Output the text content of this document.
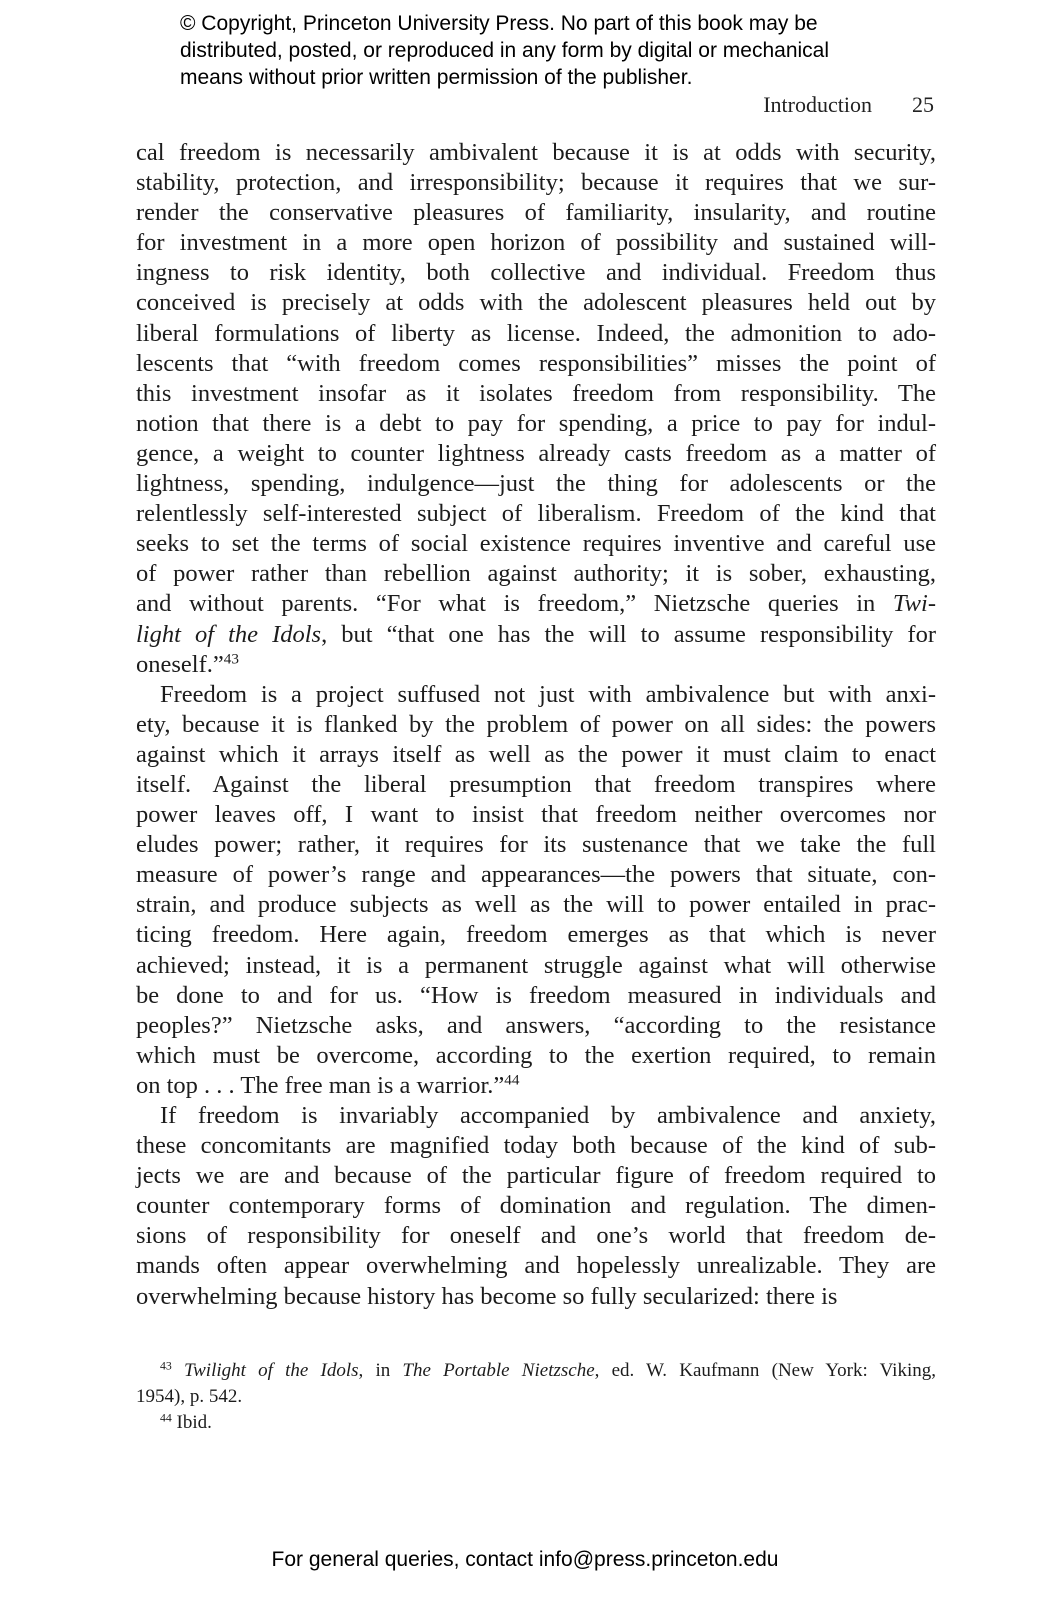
© Copyright, Princeton University Press. No part of this book may be
distributed, posted, or reproduced in any form by digital or mechanical
means without prior written permission of the publisher.
Introduction 25
cal freedom is necessarily ambivalent because it is at odds with security,
stability, protection, and irresponsibility; because it requires that we sur-
render the conservative pleasures of familiarity, insularity, and routine
for investment in a more open horizon of possibility and sustained will-
ingness to risk identity, both collective and individual. Freedom thus
conceived is precisely at odds with the adolescent pleasures held out by
liberal formulations of liberty as license. Indeed, the admonition to ado-
lescents that “with freedom comes responsibilities” misses the point of
this investment insofar as it isolates freedom from responsibility. The
notion that there is a debt to pay for spending, a price to pay for indul-
gence, a weight to counter lightness already casts freedom as a matter of
lightness, spending, indulgence—just the thing for adolescents or the
relentlessly self-interested subject of liberalism. Freedom of the kind that
seeks to set the terms of social existence requires inventive and careful use
of power rather than rebellion against authority; it is sober, exhausting,
and without parents. “For what is freedom,” Nietzsche queries in Twi-
light of the Idols, but “that one has the will to assume responsibility for
oneself.”$^{43}$
Freedom is a project suffused not just with ambivalence but with anxi-
ety, because it is flanked by the problem of power on all sides: the powers
against which it arrays itself as well as the power it must claim to enact
itself. Against the liberal presumption that freedom transpires where
power leaves off, I want to insist that freedom neither overcomes nor
eludes power; rather, it requires for its sustenance that we take the full
measure of power’s range and appearances—the powers that situate, con-
strain, and produce subjects as well as the will to power entailed in prac-
ticing freedom. Here again, freedom emerges as that which is never
achieved; instead, it is a permanent struggle against what will otherwise
be done to and for us. “How is freedom measured in individuals and
peoples?” Nietzsche asks, and answers, “according to the resistance
which must be overcome, according to the exertion required, to remain
on top . . . The free man is a warrior.”$^{44}$
If freedom is invariably accompanied by ambivalence and anxiety,
these concomitants are magnified today both because of the kind of sub-
jects we are and because of the particular figure of freedom required to
counter contemporary forms of domination and regulation. The dimen-
sions of responsibility for oneself and one’s world that freedom de-
mands often appear overwhelming and hopelessly unrealizable. They are
overwhelming because history has become so fully secularized: there is
$^{43}$ Twilight of the Idols, in The Portable Nietzsche, ed. W. Kaufmann (New York: Viking,
1954), p. 542.
$^{44}$ Ibid.
For general queries, contact info@press.princeton.edu
